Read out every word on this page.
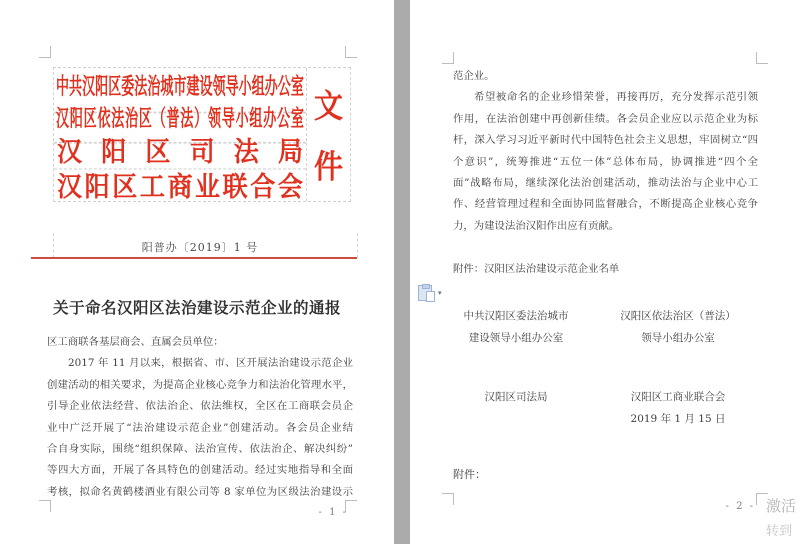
中 共 汉 阳 区 委 法 治 城 市 建 设 领 导 小 组 办 公 室
汉 阳 区 依 法 治 区 （ 普 法 ） 领 导 小 组 办 公 室
汉 阳 区 司 法 局
汉 阳 区 工 商 业 联 合 会
文
件
阳普办〔2019〕1 号
关于命名汉阳区法治建设示范企业的通报
区工商联各基层商会、直属会员单位：
2017 年 11 月以来，根据省、市、区开展法治建设示范企业
创建活动的相关要求，为提高企业核心竞争力和法治化管理水平，
引导企业依法经营、依法治企、依法维权，全区在工商联会员企
业中广泛开展了“法治建设示范企业”创建活动。各会员企业结
合自身实际，围绕“组织保障、法治宣传、依法治企、解决纠纷”
等四大方面，开展了各具特色的创建活动。经过实地指导和全面
考核，拟命名黄鹤楼酒业有限公司等 8 家单位为区级法治建设示
- 1 -
范企业。
希望被命名的企业珍惜荣誉，再接再厉，充分发挥示范引领
作用，在法治创建中再创新佳绩。各会员企业应以示范企业为标
杆，深入学习习近平新时代中国特色社会主义思想，牢固树立“四
个意识”，统筹推进“五位一体”总体布局，协调推进“四个全
面”战略布局，继续深化法治创建活动，推动法治与企业中心工
作、经营管理过程和全面协同监督融合，不断提高企业核心竞争
力，为建设法治汉阳作出应有贡献。
附件：汉阳区法治建设示范企业名单
▾
中共汉阳区委法治城市
建设领导小组办公室
汉阳区依法治区（普法）
领导小组办公室
汉阳区司法局	汉阳区工商业联合会
2019 年 1 月 15 日
附件：
- 2 - 激活
转到
